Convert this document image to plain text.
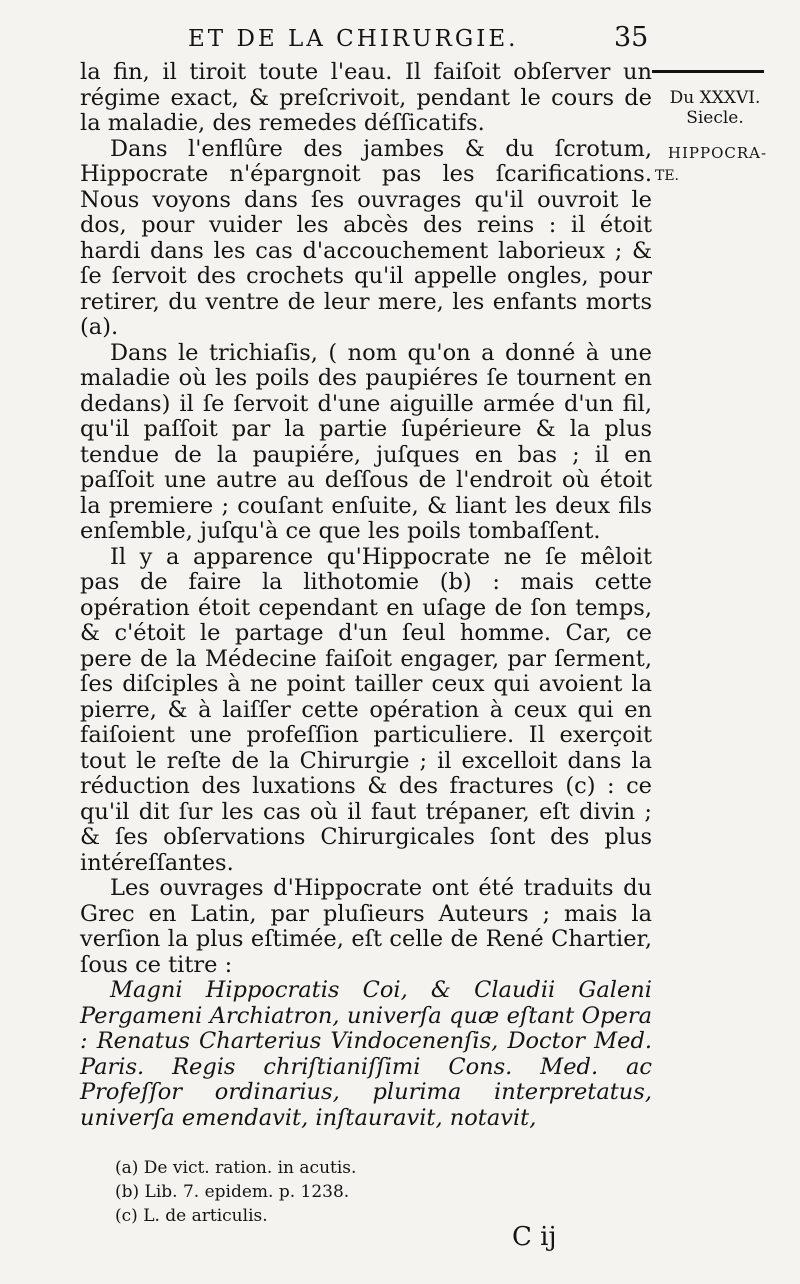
ET DE LA CHIRURGIE.	35
Du XXXVI.
Siecle.
HIPPOCRA-
TE.

la fin, il tiroit toute l'eau. Il faiſoit obſerver un régime exact, & preſcrivoit, pendant le cours de la maladie, des remedes déſſicatifs.

Dans l'enflûre des jambes & du ſcrotum, Hippocrate n'épargnoit pas les ſcarifications. Nous voyons dans ſes ouvrages qu'il ouvroit le dos, pour vuider les abcès des reins : il étoit hardi dans les cas d'accouchement laborieux ; & ſe ſervoit des crochets qu'il appelle ongles, pour retirer, du ventre de leur mere, les enfants morts (a).

Dans le trichiaſis, ( nom qu'on a donné à une maladie où les poils des paupiéres ſe tournent en dedans) il ſe ſervoit d'une aiguille armée d'un fil, qu'il paſſoit par la partie ſupérieure & la plus tendue de la paupiére, juſques en bas ; il en paſſoit une autre au deſſous de l'endroit où étoit la premiere ; couſant enſuite, & liant les deux fils enſemble, juſqu'à ce que les poils tombaſſent.

Il y a apparence qu'Hippocrate ne ſe mêloit pas de faire la lithotomie (b) : mais cette opération étoit cependant en uſage de ſon temps, & c'étoit le partage d'un ſeul homme. Car, ce pere de la Médecine faiſoit engager, par ſerment, ſes diſciples à ne point tailler ceux qui avoient la pierre, & à laiſſer cette opération à ceux qui en faiſoient une profeſſion particuliere. Il exerçoit tout le reſte de la Chirurgie ; il excelloit dans la réduction des luxations & des fractures (c) : ce qu'il dit ſur les cas où il faut trépaner, eſt divin ; & ſes obſervations Chirurgicales ſont des plus intéreſſantes.

Les ouvrages d'Hippocrate ont été traduits du Grec en Latin, par pluſieurs Auteurs ; mais la verſion la plus eſtimée, eſt celle de René Chartier, ſous ce titre :

Magni Hippocratis Coi, & Claudii Galeni Pergameni Archiatron, univerſa quæ eſtant Opera : Renatus Charterius Vindocenenſis, Doctor Med. Paris. Regis chriſtianiſſimi Cons. Med. ac Profeſſor ordinarius, plurima interpretatus, univerſa emendavit, inſtauravit, notavit,

(a) De vict. ration. in acutis.
(b) Lib. 7. epidem. p. 1238.
(c) L. de articulis.
C ij
